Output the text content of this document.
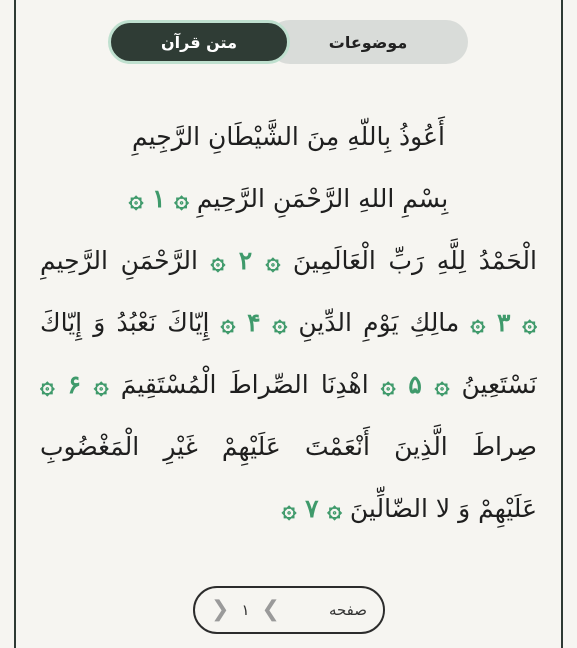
موضوعات
متن قرآن
أَعُوذُ بِاللّهِ مِنَ الشَّيْطَانِ الرَّجِيمِ
بِسْمِ اللهِ الرَّحْمَنِ الرَّحِيمِ ۞ ۱ ۞
الْحَمْدُ لِلَّهِ رَبِّ الْعَالَمِينَ ۞ ۲ ۞ الرَّحْمَنِ الرَّحِيمِ
۞ ۳ ۞ مالِكِ يَوْمِ الدِّينِ ۞ ۴ ۞ إِيّاكَ نَعْبُدُ وَ إِيّاكَ
نَسْتَعِينُ ۞ ۵ ۞ اهْدِنَا الصِّراطَ الْمُسْتَقِيمَ ۞ ۶ ۞
صِراطَ الَّذِينَ أَنْعَمْتَ عَلَيْهِمْ غَيْرِ الْمَغْضُوبِ
عَلَيْهِمْ وَ لا الضّالِّينَ ۞ ۷ ۞
صفحه
❯
۱
❮
